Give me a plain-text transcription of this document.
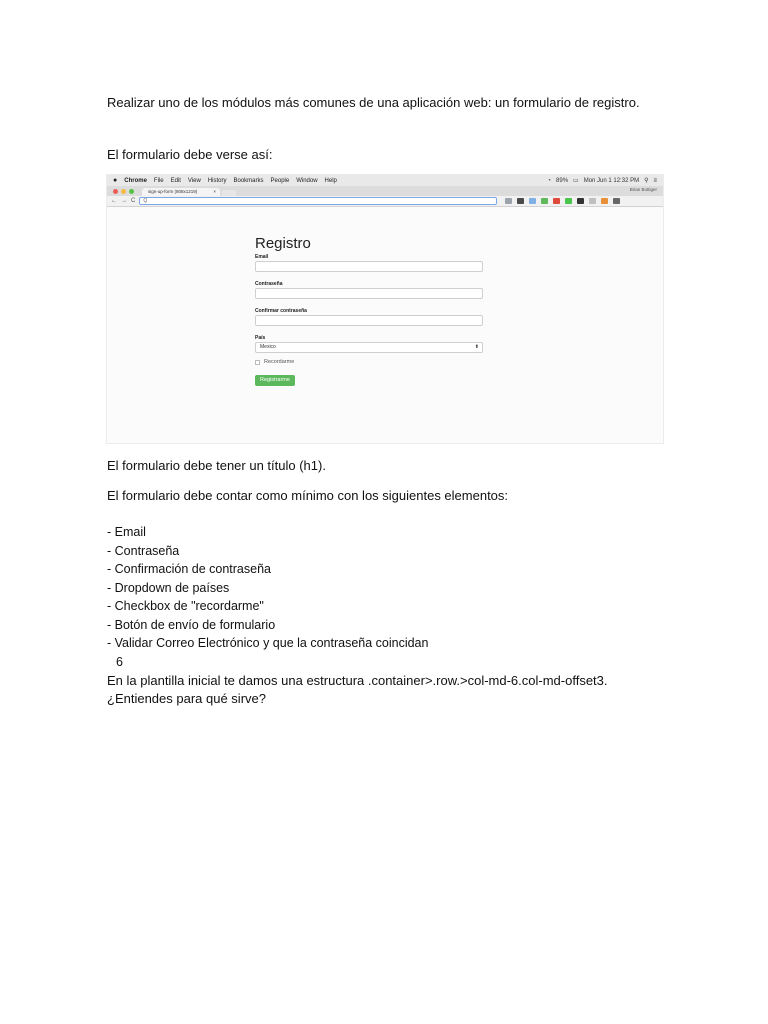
Realizar uno de los módulos más comunes de una aplicación web: un formulario de registro.
El formulario debe verse así:
● Chrome File Edit View History Bookmarks People Window Help	◔ 89% ▭ Mon Jun 1 12:32 PM ⚲ ≡
sign-up-form (808x1219)	×	Brian Bottiger
← → C	Q
Registro
Email
Contraseña
Confirmar contraseña
País
Mexico	⬍
Recordarme
Registrarme
El formulario debe tener un título (h1).
El formulario debe contar como mínimo con los siguientes elementos:
- Email
- Contraseña
- Confirmación de contraseña
- Dropdown de países
- Checkbox de "recordarme"
- Botón de envío de formulario
- Validar Correo Electrónico y que la contraseña coincidan
6
En la plantilla inicial te damos una estructura .container>.row.>col-md-6.col-md-offset3. ¿Entiendes para qué sirve?
